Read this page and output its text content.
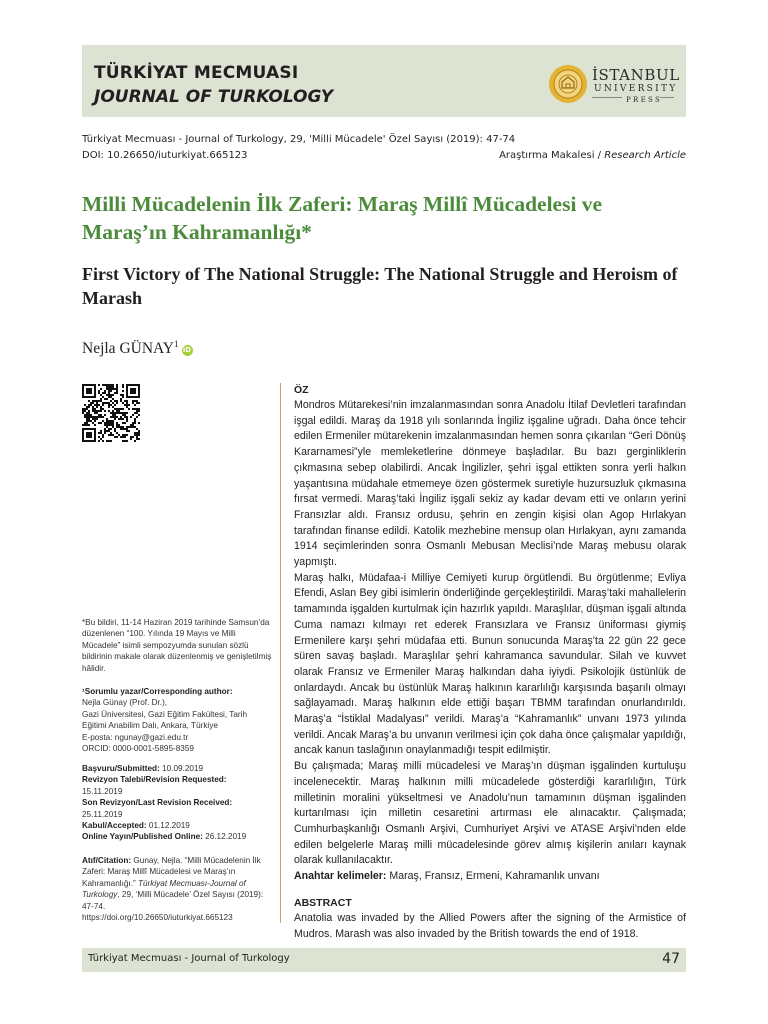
TÜRKİYAT MECMUASI
JOURNAL OF TURKOLOGY
İSTANBUL
UNIVERSITY
PRESS
Türkiyat Mecmuası - Journal of Turkology, 29, 'Milli Mücadele' Özel Sayısı (2019): 47-74
DOI: 10.26650/iuturkiyat.665123	Araştırma Makalesi / Research Article
Milli Mücadelenin İlk Zaferi: Maraş Millî Mücadelesi ve Maraş’ın Kahramanlığı*
First Victory of The National Struggle: The National Struggle and Heroism of Marash
Nejla GÜNAY$^1$iD
*Bu bildiri, 11-14 Haziran 2019 tarihinde Samsun’da düzenlenen “100. Yılında 19 Mayıs ve Milli Mücadele” isimli sempozyumda sunulan sözlü bildirinin makale olarak düzenlenmiş ve genişletilmiş hâlidir.
¹Sorumlu yazar/Corresponding author:
Nejla Günay (Prof. Dr.),
Gazi Üniversitesi, Gazi Eğitim Fakültesi, Tarih Eğitimi Anabilim Dalı, Ankara, Türkiye
E-posta: ngunay@gazi.edu.tr
ORCID: 0000-0001-5895-8359
Başvuru/Submitted: 10.09.2019
Revizyon Talebi/Revision Requested:
15.11.2019
Son Revizyon/Last Revision Received:
25.11.2019
Kabul/Accepted: 01.12.2019
Online Yayın/Published Online: 26.12.2019
Atıf/Citation: Gunay, Nejla. “Milli Mücadelenin İlk Zaferi: Maraş Millî Mücadelesi ve Maraş’ın Kahramanlığı.” Türkiyat Mecmuası-Journal of Turkology, 29, ‘Milli Mücadele’ Özel Sayısı (2019): 47-74.
https://doi.org/10.26650/iuturkiyat.665123
ÖZ
Mondros Mütarekesi’nin imzalanmasından sonra Anadolu İtilaf Devletleri tarafından işgal edildi. Maraş da 1918 yılı sonlarında İngiliz işgaline uğradı. Daha önce tehcir edilen Ermeniler mütarekenin imzalanmasından hemen sonra çıkarılan “Geri Dönüş Kararnamesi”yle memleketlerine dönmeye başladılar. Bu bazı gerginliklerin çıkmasına sebep olabilirdi. Ancak İngilizler, şehri işgal ettikten sonra yerli halkın yaşantısına müdahale etmemeye özen göstermek suretiyle huzursuzluk çıkmasına fırsat vermedi. Maraş’taki İngiliz işgali sekiz ay kadar devam etti ve onların yerini Fransızlar aldı. Fransız ordusu, şehrin en zengin kişisi olan Agop Hırlakyan tarafından finanse edildi. Katolik mezhebine mensup olan Hırlakyan, aynı zamanda 1914 seçimlerinden sonra Osmanlı Mebusan Meclisi’nde Maraş mebusu olarak yapmıştı.
Maraş halkı, Müdafaa-i Milliye Cemiyeti kurup örgütlendi. Bu örgütlenme; Evliya Efendi, Aslan Bey gibi isimlerin önderliğinde gerçekleştirildi. Maraş’taki mahallelerin tamamında işgalden kurtulmak için hazırlık yapıldı. Maraşlılar, düşman işgali altında Cuma namazı kılmayı ret ederek Fransızlara ve Fransız üniforması giymiş Ermenilere karşı şehri müdafaa etti. Bunun sonucunda Maraş’ta 22 gün 22 gece süren savaş başladı. Maraşlılar şehri kahramanca savundular. Silah ve kuvvet olarak Fransız ve Ermeniler Maraş halkından daha iyiydi. Psikolojik üstünlük de onlardaydı. Ancak bu üstünlük Maraş halkının kararlılığı karşısında başarılı olmayı sağlayamadı. Maraş halkının elde ettiği başarı TBMM tarafından onurlandırıldı. Maraş’a “İstiklal Madalyası” verildi. Maraş’a “Kahramanlık” unvanı 1973 yılında verildi. Ancak Maraş’a bu unvanın verilmesi için çok daha önce çalışmalar yapıldığı, ancak kanun taslağının onaylanmadığı tespit edilmiştir.
Bu çalışmada; Maraş milli mücadelesi ve Maraş’ın düşman işgalinden kurtuluşu incelenecektir. Maraş halkının milli mücadelede gösterdiği kararlılığın, Türk milletinin moralini yükseltmesi ve Anadolu’nun tamamının düşman işgalinden kurtarılması için milletin cesaretini artırması ele alınacaktır. Çalışmada; Cumhurbaşkanlığı Osmanlı Arşivi, Cumhuriyet Arşivi ve ATASE Arşivi’nden elde edilen belgelerle Maraş milli mücadelesinde görev almış kişilerin anıları kaynak olarak kullanılacaktır.
Anahtar kelimeler: Maraş, Fransız, Ermeni, Kahramanlık unvanı
ABSTRACT
Anatolia was invaded by the Allied Powers after the signing of the Armistice of Mudros. Marash was also invaded by the British towards the end of 1918.
Türkiyat Mecmuası - Journal of Turkology	47
